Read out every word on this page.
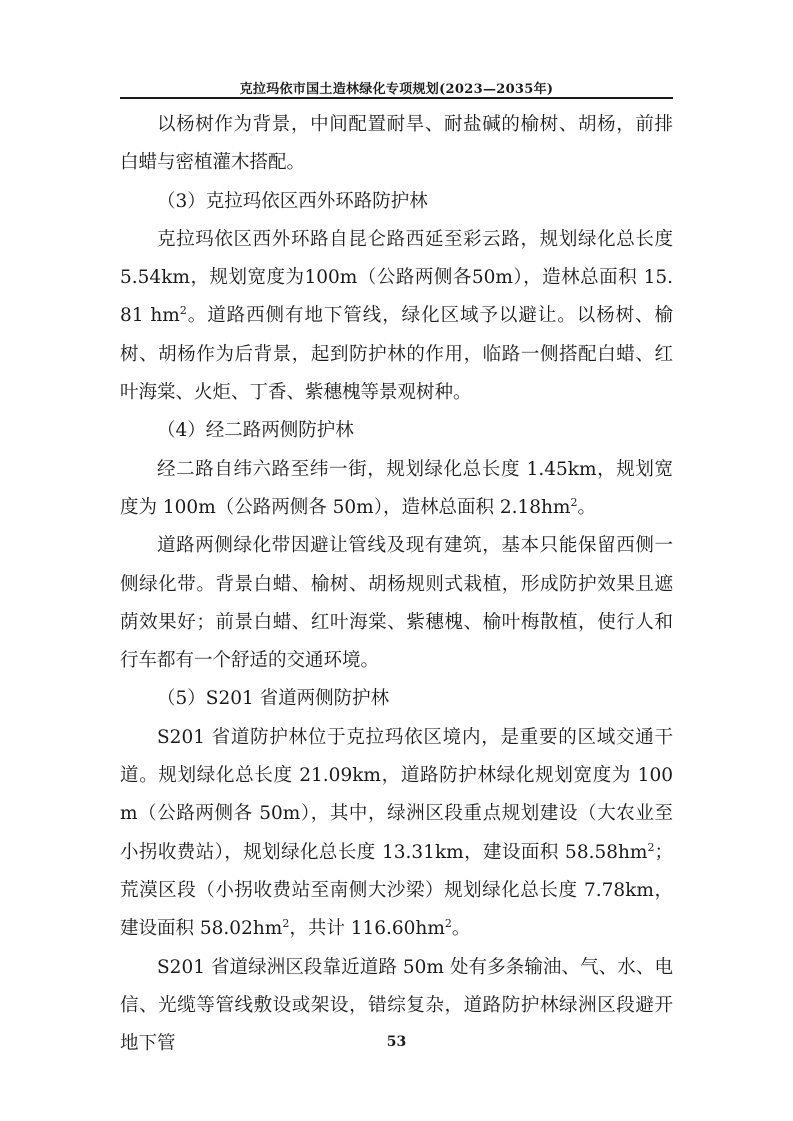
克拉玛依市国土造林绿化专项规划(2023—2035年)

以杨树作为背景，中间配置耐旱、耐盐碱的榆树、胡杨，前排白蜡与密植灌木搭配。

（3）克拉玛依区西外环路防护林

克拉玛依区西外环路自昆仑路西延至彩云路，规划绿化总长度5.54km，规划宽度为100m（公路两侧各50m），造林总面积 15.81 $hm^2$。道路西侧有地下管线，绿化区域予以避让。以杨树、榆树、胡杨作为后背景，起到防护林的作用，临路一侧搭配白蜡、红叶海棠、火炬、丁香、紫穗槐等景观树种。

（4）经二路两侧防护林

经二路自纬六路至纬一街，规划绿化总长度 1.45km，规划宽度为 100m（公路两侧各 50m），造林总面积 $2.18hm^2$。

道路两侧绿化带因避让管线及现有建筑，基本只能保留西侧一侧绿化带。背景白蜡、榆树、胡杨规则式栽植，形成防护效果且遮荫效果好；前景白蜡、红叶海棠、紫穗槐、榆叶梅散植，使行人和行车都有一个舒适的交通环境。

（5）S201 省道两侧防护林

S201 省道防护林位于克拉玛依区境内，是重要的区域交通干道。规划绿化总长度 21.09km，道路防护林绿化规划宽度为 100m（公路两侧各 50m），其中，绿洲区段重点规划建设（大农业至小拐收费站），规划绿化总长度 13.31km，建设面积 $58.58hm^2$；荒漠区段（小拐收费站至南侧大沙梁）规划绿化总长度 7.78km，建设面积 $58.02hm^2$，共计 $116.60hm^2$。

S201 省道绿洲区段靠近道路 50m 处有多条输油、气、水、电信、光缆等管线敷设或架设，错综复杂，道路防护林绿洲区段避开地下管	53
